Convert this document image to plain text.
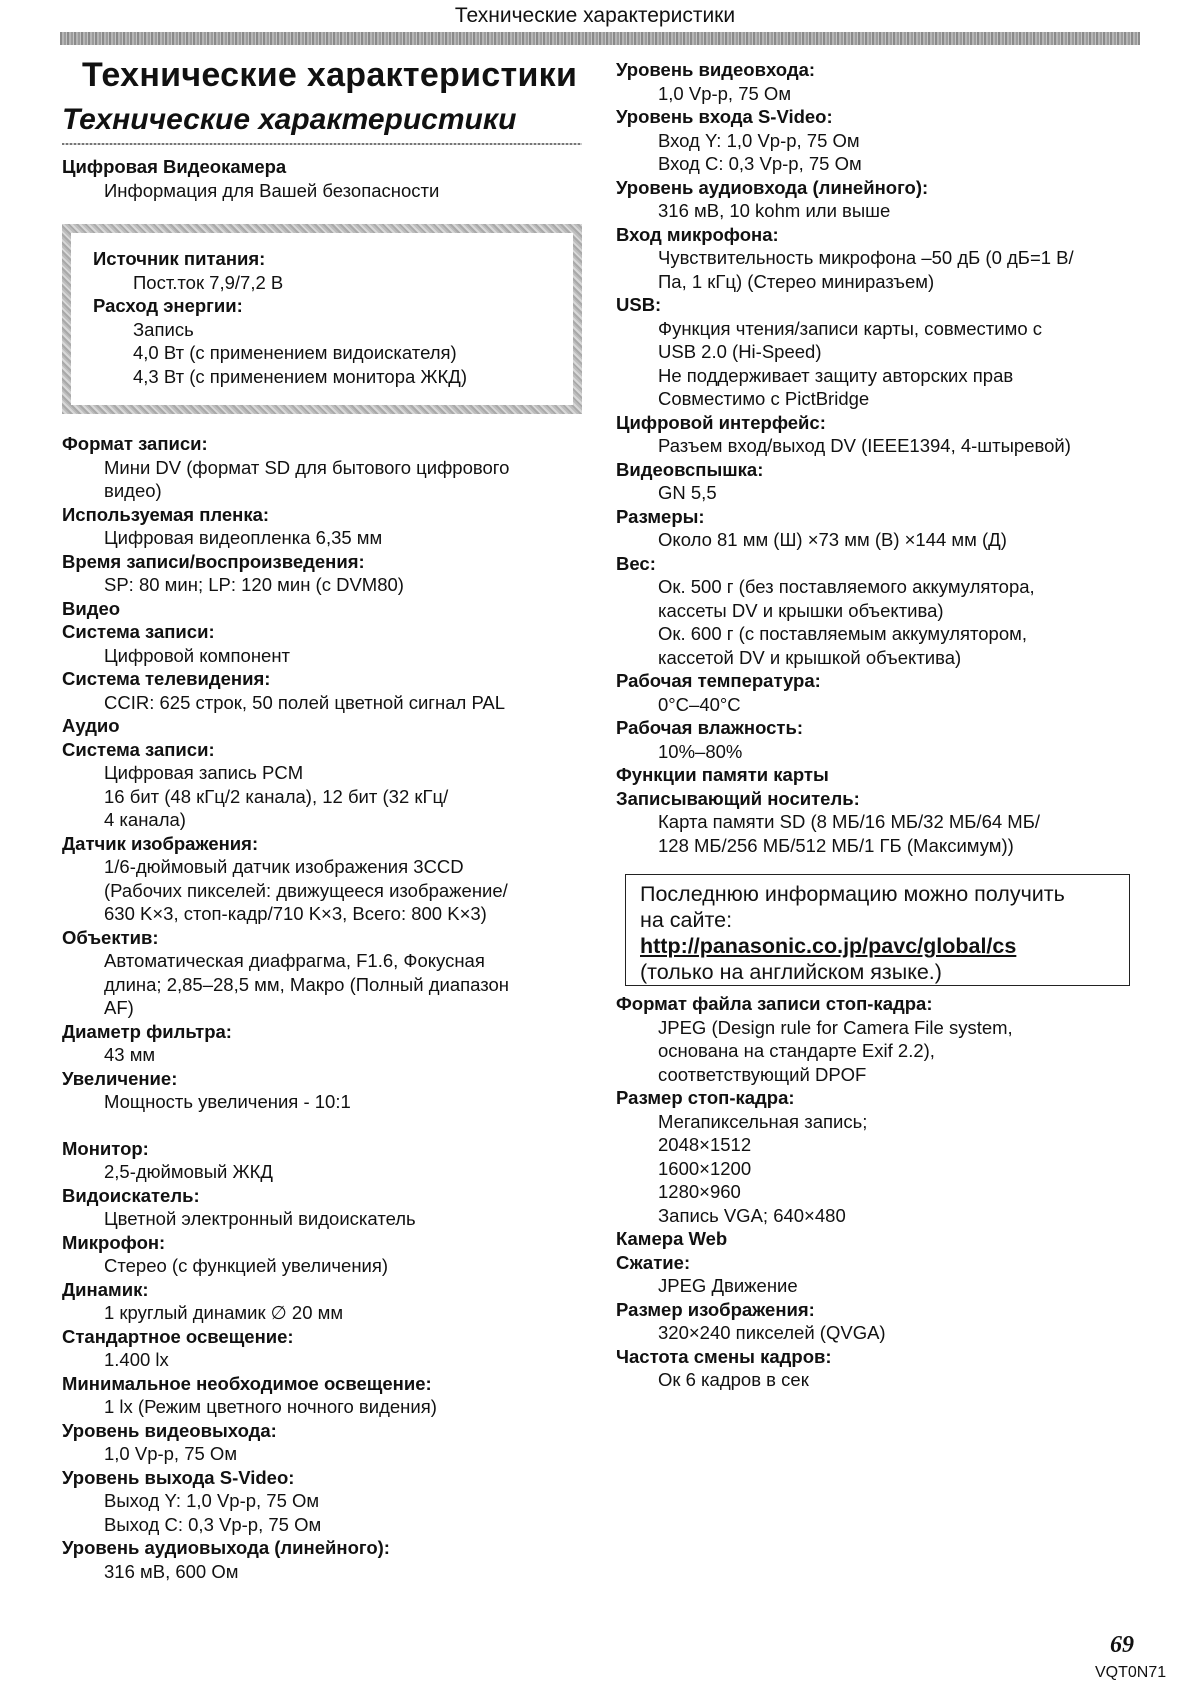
Технические характеристики
Технические характеристики
Технические характеристики

Цифровая Видеокамера

Информация для Вашей безопасности

Источник питания:

Пост.ток 7,9/7,2 В

Расход энергии:

Запись

4,0 Вт (с применением видоискателя)

4,3 Вт (с применением монитора ЖКД)

Формат записи:

Мини DV (формат SD для бытового цифрового

видео)

Используемая пленка:

Цифровая видеопленка 6,35 мм

Время записи/воспроизведения:

SP: 80 мин; LP: 120 мин (с DVM80)

Видео

Система записи:

Цифровой компонент

Система телевидения:

CCIR: 625 строк, 50 полей цветной сигнал PAL

Аудио

Система записи:

Цифровая запись PCM

16 бит (48 кГц/2 канала), 12 бит (32 кГц/

4 канала)

Датчик изображения:

1/6-дюймовый датчик изображения 3CCD

(Рабочих пикселей: движущееся изображение/

630 K×3, стоп-кадр/710 K×3, Всего: 800 K×3)

Объектив:

Автоматическая диафрагма, F1.6, Фокусная

длина; 2,85–28,5 мм, Макро (Полный диапазон

AF)

Диаметр фильтра:

43 мм

Увеличение:

Мощность увеличения - 10:1

Монитор:

2,5-дюймовый ЖКД

Видоискатель:

Цветной электронный видоискатель

Микрофон:

Стерео (с функцией увеличения)

Динамик:

1 круглый динамик ∅ 20 мм

Стандартное освещение:

1.400 lx

Минимальное необходимое освещение:

1 lx (Режим цветного ночного видения)

Уровень видеовыхода:

1,0 Vp-p, 75 Ом

Уровень выхода S-Video:

Выход Y: 1,0 Vp-p, 75 Ом

Выход С: 0,3 Vp-p, 75 Ом

Уровень аудиовыхода (линейного):

316 мВ, 600 Ом

Уровень видеовхода:

1,0 Vp-p, 75 Ом

Уровень входа S-Video:

Вход Y: 1,0 Vp-p, 75 Ом

Вход С: 0,3 Vp-p, 75 Ом

Уровень аудиовхода (линейного):

316 мВ, 10 kohm или выше

Вход микрофона:

Чувствительность микрофона –50 дБ (0 дБ=1 В/

Па, 1 кГц) (Стерео миниразъем)

USB:

Функция чтения/записи карты, совместимо с

USB 2.0 (Hi-Speed)

Не поддерживает защиту авторских прав

Совместимо с PictBridge

Цифровой интерфейс:

Разъем вход/выход DV (IEEE1394, 4-штыревой)

Видеовспышка:

GN 5,5

Размеры:

Около 81 мм (Ш) ×73 мм (В) ×144 мм (Д)

Вес:

Ок. 500 г (без поставляемого аккумулятора,

кассеты DV и крышки объектива)

Ок. 600 г (с поставляемым аккумулятором,

кассетой DV и крышкой объектива)

Рабочая температура:

0°C–40°C

Рабочая влажность:

10%–80%

Функции памяти карты

Записывающий носитель:

Карта памяти SD (8 МБ/16 МБ/32 МБ/64 МБ/

128 МБ/256 МБ/512 МБ/1 ГБ (Максимум))

Последнюю информацию можно получить
на сайте:
http://panasonic.co.jp/pavc/global/cs
(только на английском языке.)

Формат файла записи стоп-кадра:

JPEG (Design rule for Camera File system,

основана на стандарте Exif 2.2),

соответствующий DPOF

Размер стоп-кадра:

Мегапиксельная запись;

2048×1512

1600×1200

1280×960

Запись VGA; 640×480

Камера Web

Сжатие:

JPEG Движение

Размер изображения:

320×240 пикселей (QVGA)

Частота смены кадров:

Ок 6 кадров в сек

69
VQT0N71
